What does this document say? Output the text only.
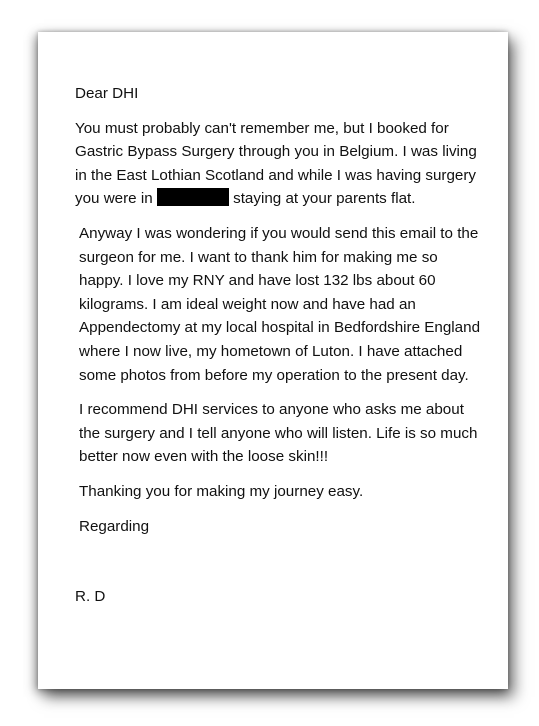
Dear DHI

You must probably can't remember me, but I booked for Gastric Bypass Surgery through you in Belgium. I was living in the East Lothian Scotland and while I was having surgery you were in	staying at your parents flat.

Anyway I was wondering if you would send this email to the surgeon for me. I want to thank him for making me so happy. I love my RNY and have lost 132 lbs about 60 kilograms. I am ideal weight now and have had an Appendectomy at my local hospital in Bedfordshire England where I now live, my hometown of Luton. I have attached some photos from before my operation to the present day.

I recommend DHI services to anyone who asks me about the surgery and I tell anyone who will listen. Life is so much better now even with the loose skin!!!

Thanking you for making my journey easy.

Regarding

R. D
